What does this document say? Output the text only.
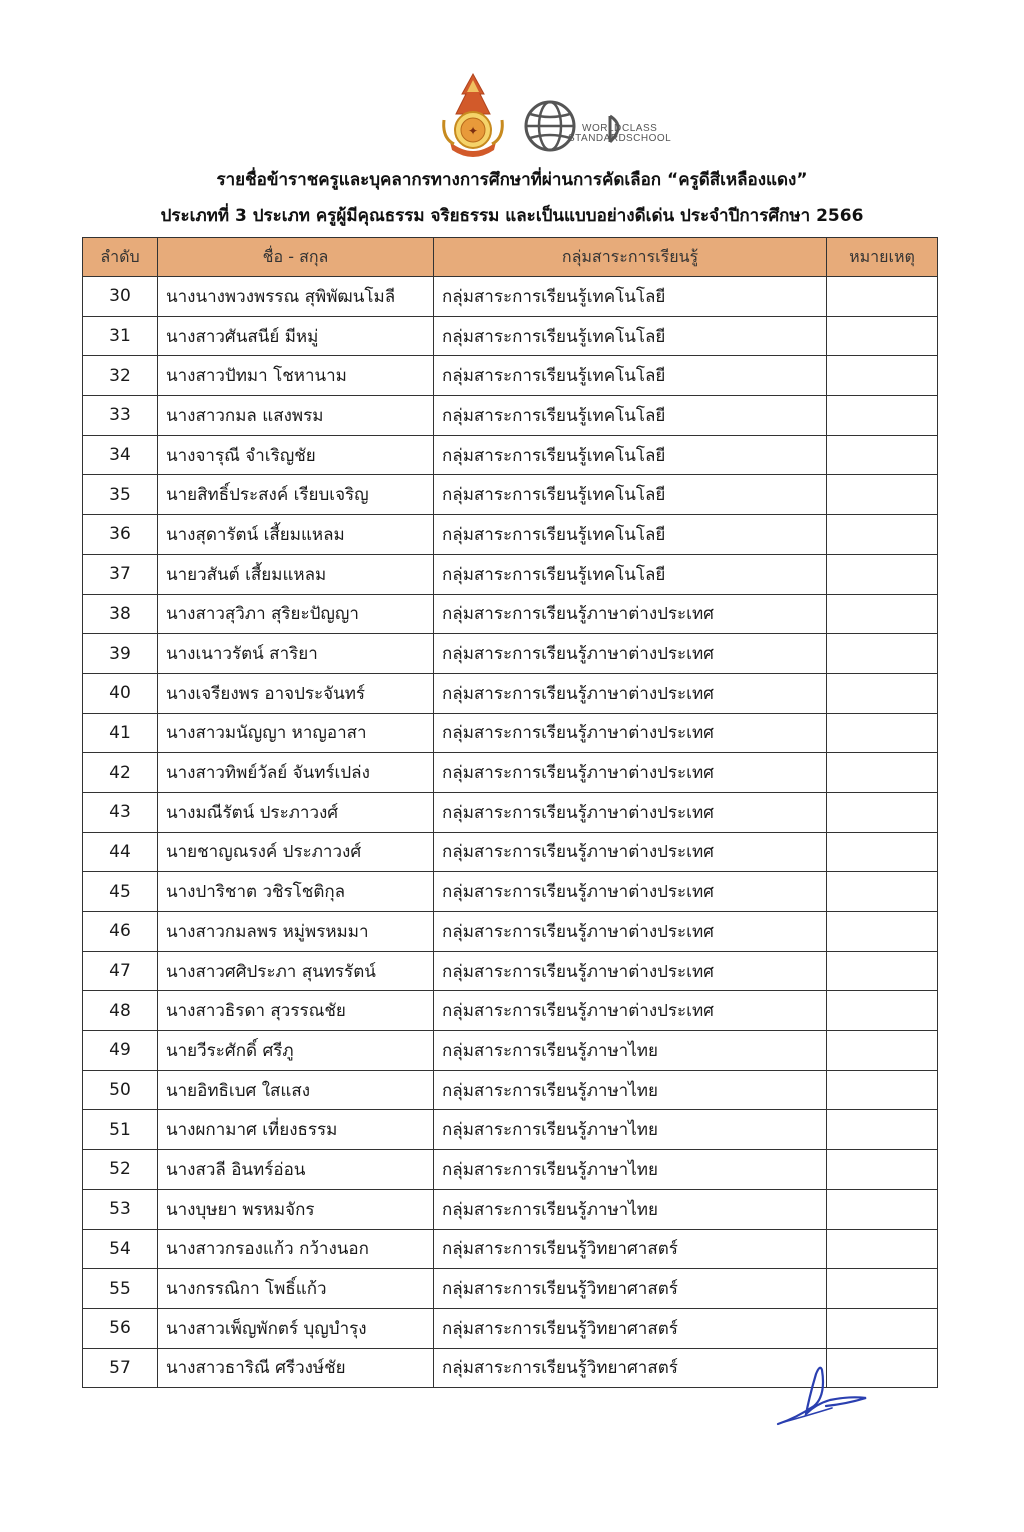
✦	WORLD CLASS
STANDARD SCHOOL
รายชื่อข้าราชครูและบุคลากรทางการศึกษาที่ผ่านการคัดเลือก “ครูดีสีเหลืองแดง”
ประเภทที่ 3 ประเภท ครูผู้มีคุณธรรม จริยธรรม และเป็นแบบอย่างดีเด่น ประจำปีการศึกษา 2566
ลำดับ	ชื่อ - สกุล	กลุ่มสาระการเรียนรู้	หมายเหตุ
30	นางนางพวงพรรณ สุพิพัฒนโมลี	กลุ่มสาระการเรียนรู้เทคโนโลยี	
31	นางสาวศันสนีย์ มีหมู่	กลุ่มสาระการเรียนรู้เทคโนโลยี	
32	นางสาวปัทมา โชหานาม	กลุ่มสาระการเรียนรู้เทคโนโลยี	
33	นางสาวกมล แสงพรม	กลุ่มสาระการเรียนรู้เทคโนโลยี	
34	นางจารุณี จำเริญชัย	กลุ่มสาระการเรียนรู้เทคโนโลยี	
35	นายสิทธิ์ประสงค์ เรียบเจริญ	กลุ่มสาระการเรียนรู้เทคโนโลยี	
36	นางสุดารัตน์ เสี้ยมแหลม	กลุ่มสาระการเรียนรู้เทคโนโลยี	
37	นายวสันต์ เสี้ยมแหลม	กลุ่มสาระการเรียนรู้เทคโนโลยี	
38	นางสาวสุวิภา สุริยะปัญญา	กลุ่มสาระการเรียนรู้ภาษาต่างประเทศ	
39	นางเนาวรัตน์ สาริยา	กลุ่มสาระการเรียนรู้ภาษาต่างประเทศ	
40	นางเจรียงพร อาจประจันทร์	กลุ่มสาระการเรียนรู้ภาษาต่างประเทศ	
41	นางสาวมนัญญา หาญอาสา	กลุ่มสาระการเรียนรู้ภาษาต่างประเทศ	
42	นางสาวทิพย์วัลย์ จันทร์เปล่ง	กลุ่มสาระการเรียนรู้ภาษาต่างประเทศ	
43	นางมณีรัตน์ ประภาวงศ์	กลุ่มสาระการเรียนรู้ภาษาต่างประเทศ	
44	นายชาญณรงค์ ประภาวงศ์	กลุ่มสาระการเรียนรู้ภาษาต่างประเทศ	
45	นางปาริชาต วชิรโชติกุล	กลุ่มสาระการเรียนรู้ภาษาต่างประเทศ	
46	นางสาวกมลพร หมู่พรหมมา	กลุ่มสาระการเรียนรู้ภาษาต่างประเทศ	
47	นางสาวศศิประภา สุนทรรัตน์	กลุ่มสาระการเรียนรู้ภาษาต่างประเทศ	
48	นางสาวธิรดา สุวรรณชัย	กลุ่มสาระการเรียนรู้ภาษาต่างประเทศ	
49	นายวีระศักดิ์ ศรีภู	กลุ่มสาระการเรียนรู้ภาษาไทย	
50	นายอิทธิเบศ ใสแสง	กลุ่มสาระการเรียนรู้ภาษาไทย	
51	นางผกามาศ เที่ยงธรรม	กลุ่มสาระการเรียนรู้ภาษาไทย	
52	นางสวลี อินทร์อ่อน	กลุ่มสาระการเรียนรู้ภาษาไทย	
53	นางบุษยา พรหมจักร	กลุ่มสาระการเรียนรู้ภาษาไทย	
54	นางสาวกรองแก้ว กว้างนอก	กลุ่มสาระการเรียนรู้วิทยาศาสตร์	
55	นางกรรณิกา โพธิ์แก้ว	กลุ่มสาระการเรียนรู้วิทยาศาสตร์	
56	นางสาวเพ็ญพักตร์ บุญบำรุง	กลุ่มสาระการเรียนรู้วิทยาศาสตร์	
57	นางสาวธาริณี ศรีวงษ์ชัย	กลุ่มสาระการเรียนรู้วิทยาศาสตร์	
